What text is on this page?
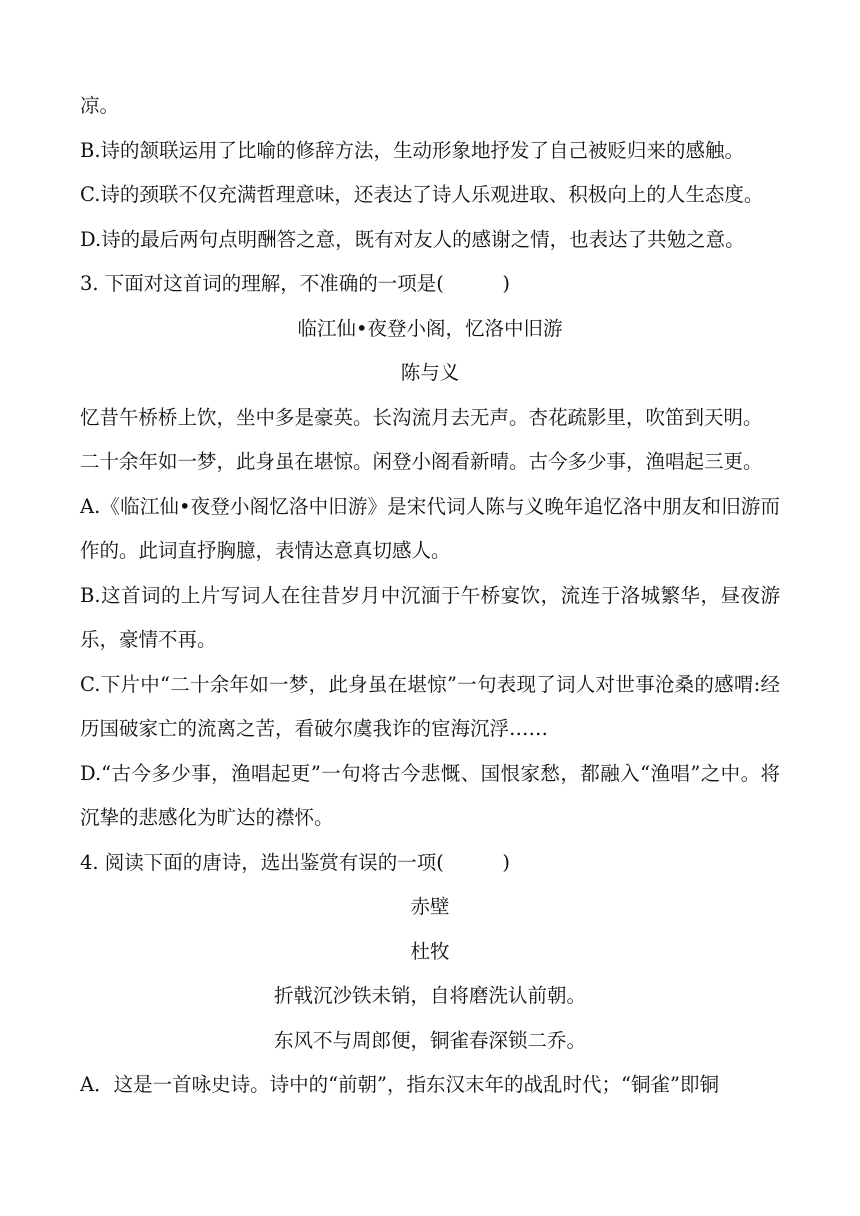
凉。
B.诗的颔联运用了比喻的修辞方法，生动形象地抒发了自己被贬归来的感触。
C.诗的颈联不仅充满哲理意味，还表达了诗人乐观进取、积极向上的人生态度。
D.诗的最后两句点明酬答之意，既有对友人的感谢之情，也表达了共勉之意。
3. 下面对这首词的理解，不准确的一项是(　　　)
临江仙•夜登小阁，忆洛中旧游
陈与义
忆昔午桥桥上饮，坐中多是豪英。长沟流月去无声。杏花疏影里，吹笛到天明。
二十余年如一梦，此身虽在堪惊。闲登小阁看新晴。古今多少事，渔唱起三更。
A.《临江仙•夜登小阁忆洛中旧游》是宋代词人陈与义晚年追忆洛中朋友和旧游而作的。此词直抒胸臆，表情达意真切感人。
B.这首词的上片写词人在往昔岁月中沉湎于午桥宴饮，流连于洛城繁华，昼夜游乐，豪情不再。
C.下片中“二十余年如一梦，此身虽在堪惊”一句表现了词人对世事沧桑的感喟:经历国破家亡的流离之苦，看破尔虞我诈的宦海沉浮……
D.“古今多少事，渔唱起更”一句将古今悲慨、国恨家愁，都融入“渔唱”之中。将沉挚的悲感化为旷达的襟怀。
4. 阅读下面的唐诗，选出鉴赏有误的一项(　　　)
赤壁
杜牧
折戟沉沙铁未销，自将磨洗认前朝。
东风不与周郎便，铜雀春深锁二乔。
A．这是一首咏史诗。诗中的“前朝”，指东汉末年的战乱时代；“铜雀”即铜
